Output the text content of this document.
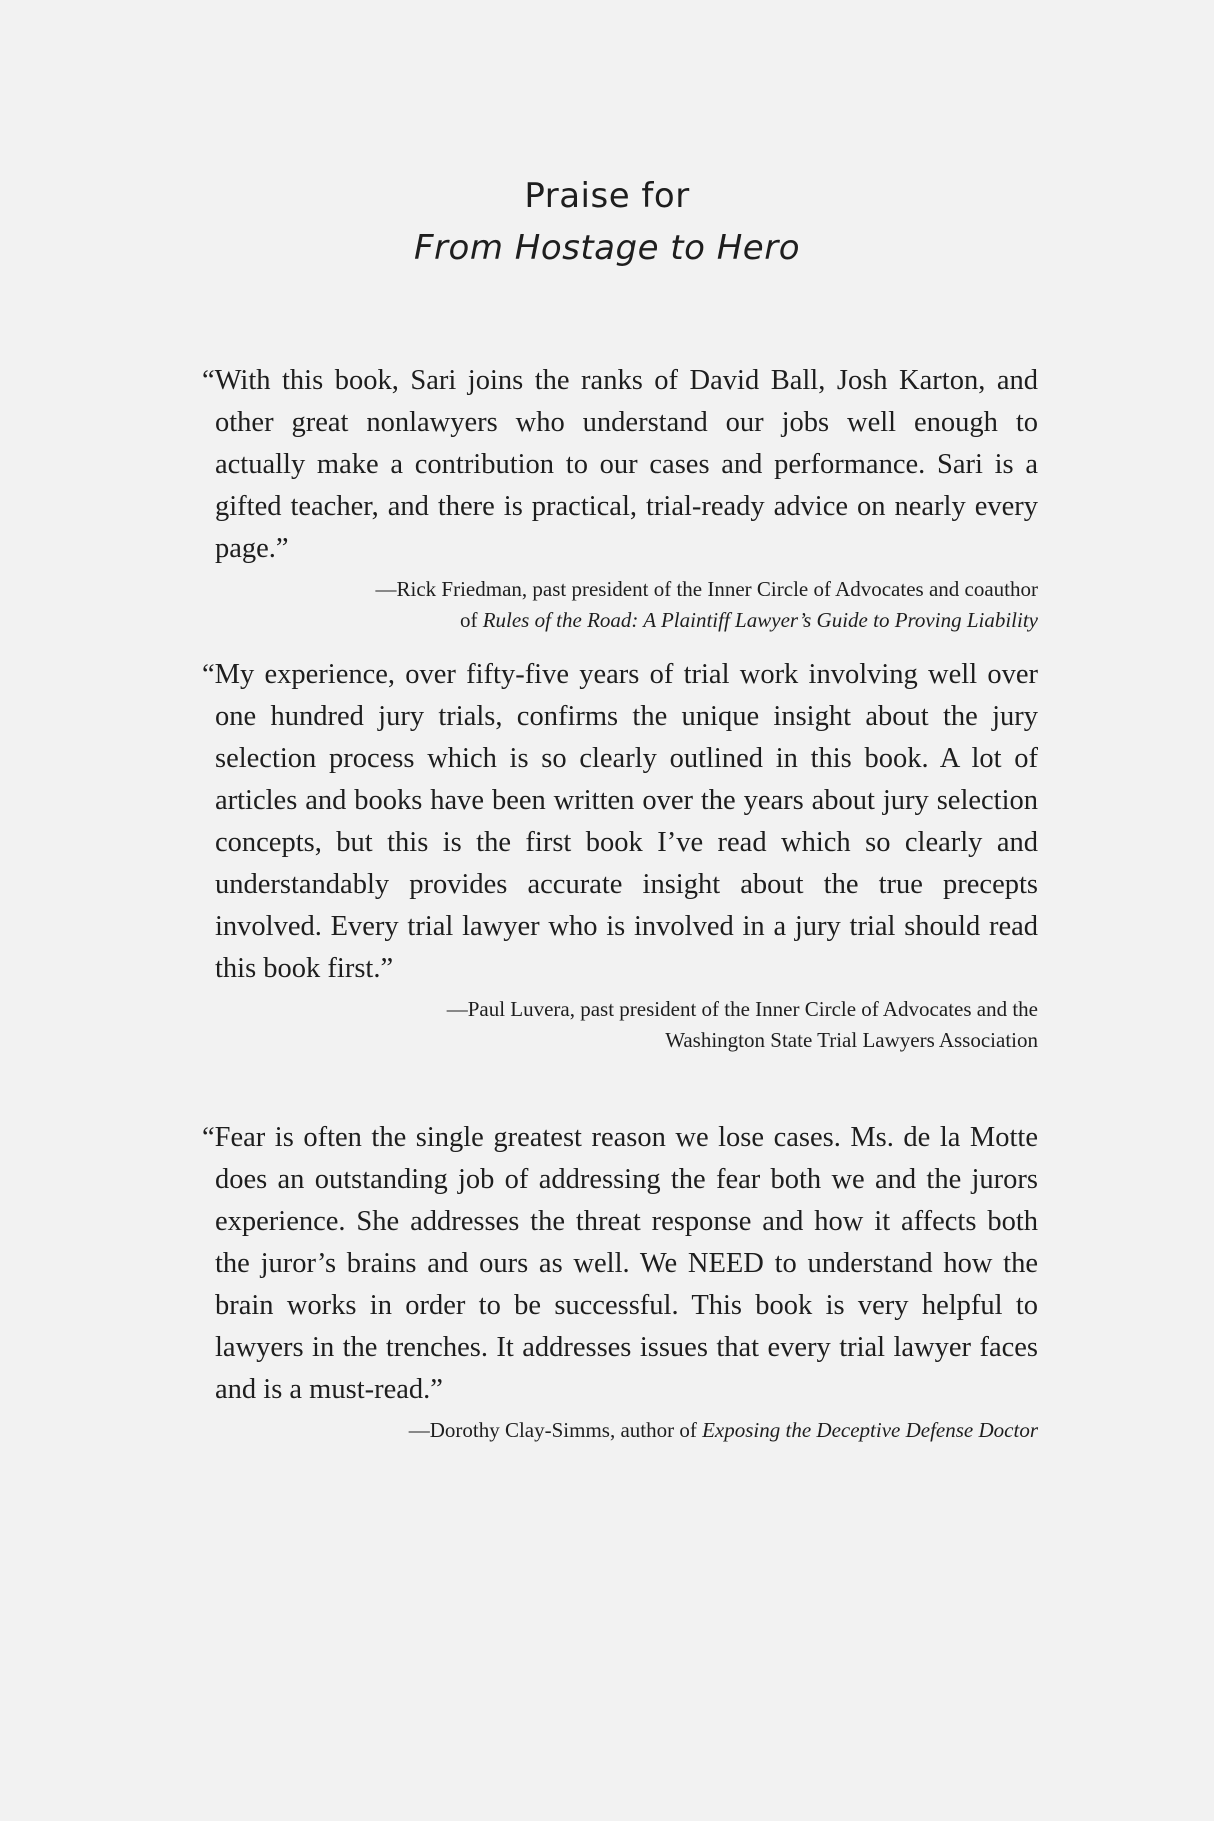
Praise for
From Hostage to Hero

“With this book, Sari joins the ranks of David Ball, Josh Karton, and other great nonlawyers who understand our jobs well enough to actually make a contribution to our cases and performance. Sari is a gifted teacher, and there is practical, trial-ready advice on nearly every page.”

—Rick Friedman, past president of the Inner Circle of Advocates and coauthor
of Rules of the Road: A Plaintiff Lawyer’s Guide to Proving Liability

“My experience, over fifty-five years of trial work involving well over one hundred jury trials, confirms the unique insight about the jury selection process which is so clearly outlined in this book. A lot of articles and books have been written over the years about jury selection concepts, but this is the first book I’ve read which so clearly and understandably provides accurate insight about the true precepts involved. Every trial lawyer who is involved in a jury trial should read this book first.”

—Paul Luvera, past president of the Inner Circle of Advocates and the
Washington State Trial Lawyers Association

“Fear is often the single greatest reason we lose cases. Ms. de la Motte does an outstanding job of addressing the fear both we and the jurors experience. She addresses the threat response and how it affects both the juror’s brains and ours as well. We NEED to understand how the brain works in order to be successful. This book is very helpful to lawyers in the trenches. It addresses issues that every trial lawyer faces and is a must-read.”

—Dorothy Clay-Simms, author of Exposing the Deceptive Defense Doctor
